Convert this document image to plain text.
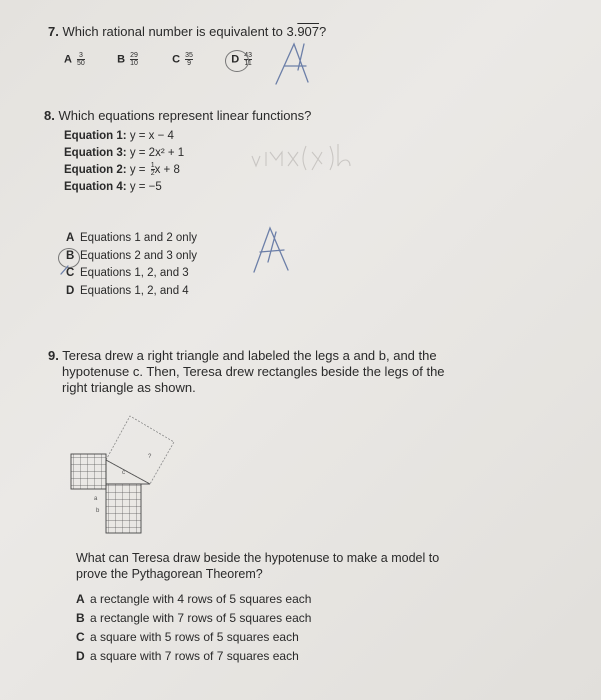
7. Which rational number is equivalent to 3.907?
A $\frac{3}{50}$	B $\frac{29}{10}$	C $\frac{35}{9}$	D $\frac{43}{11}$
8. Which equations represent linear functions?
Equation 1: y = x − 4
Equation 3: y = 2x² + 1
Equation 2: $y = \frac{1}{2}$ x + 8
Equation 4: y = −5
A Equations 1 and 2 only
B Equations 2 and 3 only
C Equations 1, 2, and 3
D Equations 1, 2, and 4
9. Teresa drew a right triangle and labeled the legs a and b, and the
hypotenuse c. Then, Teresa drew rectangles beside the legs of the
right triangle as shown.
?
c
a
b
What can Teresa draw beside the hypotenuse to make a model to
prove the Pythagorean Theorem?
A a rectangle with 4 rows of 5 squares each
B a rectangle with 7 rows of 5 squares each
C a square with 5 rows of 5 squares each
D a square with 7 rows of 7 squares each
